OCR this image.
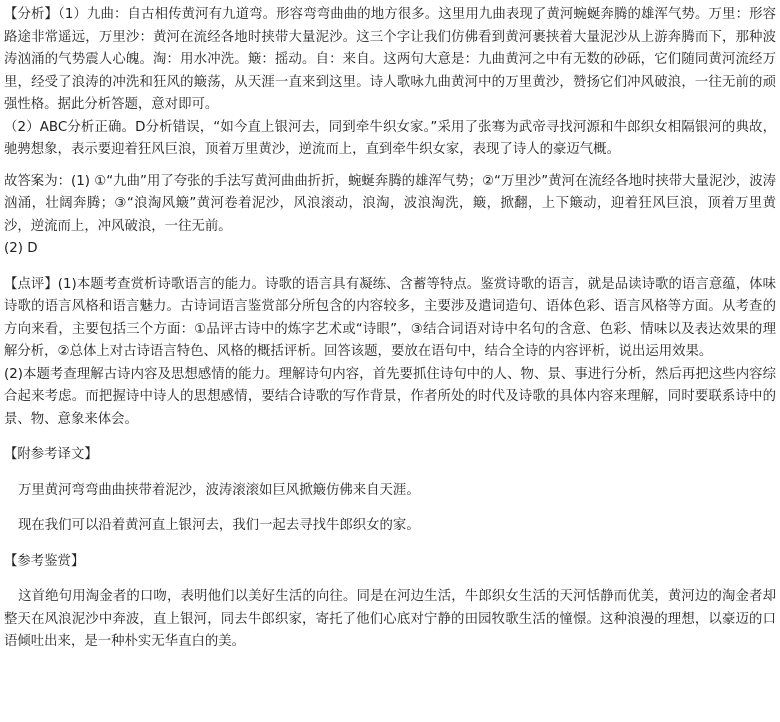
【分析】（1）九曲：自古相传黄河有九道弯。形容弯弯曲曲的地方很多。这里用九曲表现了黄河蜿蜒奔腾的雄浑气势。万里：形容路途非常遥远，万里沙：黄河在流经各地时挟带大量泥沙。这三个字让我们仿佛看到黄河裹挟着大量泥沙从上游奔腾而下，那种波涛汹涌的气势震人心魄。淘：用水冲洗。簸：摇动。自：来自。这两句大意是：九曲黄河之中有无数的砂砾，它们随同黄河流经万里，经受了浪涛的冲洗和狂风的簸荡，从天涯一直来到这里。诗人歌咏九曲黄河中的万里黄沙，赞扬它们冲风破浪，一往无前的顽强性格。据此分析答题，意对即可。

（2）ABC分析正确。D分析错误，“如今直上银河去，同到牵牛织女家。”采用了张骞为武帝寻找河源和牛郎织女相隔银河的典故，驰骋想象，表示要迎着狂风巨浪，顶着万里黄沙，逆流而上，直到牵牛织女家，表现了诗人的豪迈气概。

故答案为：(1) ①“九曲”用了夸张的手法写黄河曲曲折折，蜿蜒奔腾的雄浑气势；②“万里沙”黄河在流经各地时挟带大量泥沙，波涛汹涌，壮阔奔腾；③“浪淘风簸”黄河卷着泥沙，风浪滚动，浪淘，波浪淘洗，簸，掀翻，上下簸动，迎着狂风巨浪，顶着万里黄沙，逆流而上，冲风破浪，一往无前。

(2) D

【点评】(1)本题考查赏析诗歌语言的能力。诗歌的语言具有凝练、含蓄等特点。鉴赏诗歌的语言，就是品读诗歌的语言意蕴，体味诗歌的语言风格和语言魅力。古诗词语言鉴赏部分所包含的内容较多，主要涉及遣词造句、语体色彩、语言风格等方面。从考查的方向来看，主要包括三个方面：①品评古诗中的炼字艺术或“诗眼”，③结合词语对诗中名句的含意、色彩、情味以及表达效果的理解分析，②总体上对古诗语言特色、风格的概括评析。回答该题，要放在语句中，结合全诗的内容评析，说出运用效果。

(2)本题考查理解古诗内容及思想感情的能力。理解诗句内容，首先要抓住诗句中的人、物、景、事进行分析，然后再把这些内容综合起来考虑。而把握诗中诗人的思想感情，要结合诗歌的写作背景，作者所处的时代及诗歌的具体内容来理解，同时要联系诗中的景、物、意象来体会。

【附参考译文】

万里黄河弯弯曲曲挟带着泥沙，波涛滚滚如巨风掀簸仿佛来自天涯。

现在我们可以沿着黄河直上银河去，我们一起去寻找牛郎织女的家。

【参考鉴赏】

这首绝句用淘金者的口吻，表明他们以美好生活的向往。同是在河边生活，牛郎织女生活的天河恬静而优美，黄河边的淘金者却整天在风浪泥沙中奔波，直上银河，同去牛郎织家，寄托了他们心底对宁静的田园牧歌生活的憧憬。这种浪漫的理想，以豪迈的口语倾吐出来，是一种朴实无华直白的美。
